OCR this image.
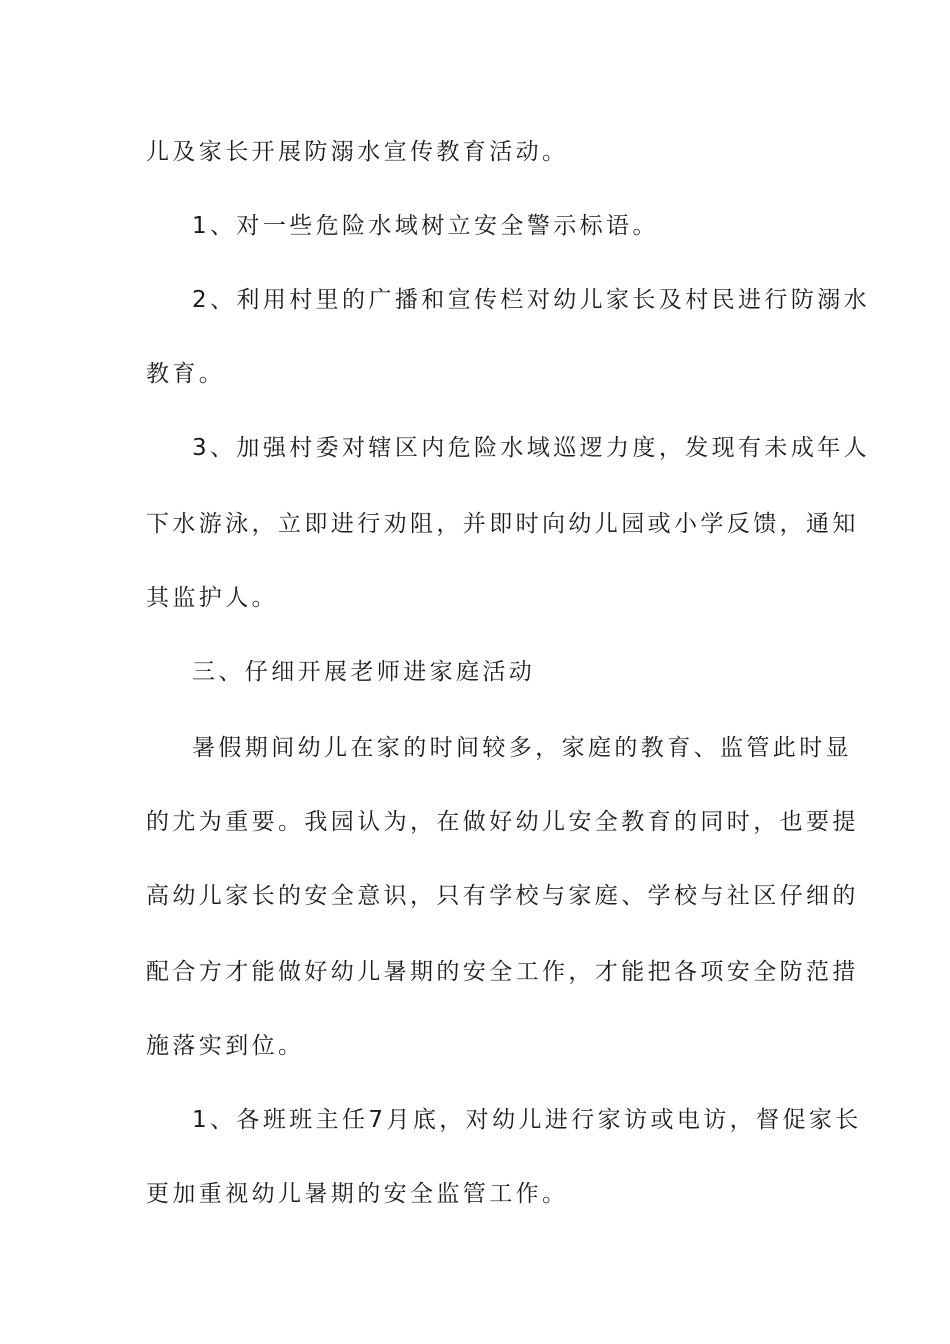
儿及家长开展防溺水宣传教育活动。
1、对一些危险水域树立安全警示标语。
2、利用村里的广播和宣传栏对幼儿家长及村民进行防溺水
教育。
3、加强村委对辖区内危险水域巡逻力度，发现有未成年人
下水游泳，立即进行劝阻，并即时向幼儿园或小学反馈，通知
其监护人。
三、仔细开展老师进家庭活动
暑假期间幼儿在家的时间较多，家庭的教育、监管此时显
的尤为重要。我园认为，在做好幼儿安全教育的同时，也要提
高幼儿家长的安全意识，只有学校与家庭、学校与社区仔细的
配合方才能做好幼儿暑期的安全工作，才能把各项安全防范措
施落实到位。
1、各班班主任7月底，对幼儿进行家访或电访，督促家长
更加重视幼儿暑期的安全监管工作。
